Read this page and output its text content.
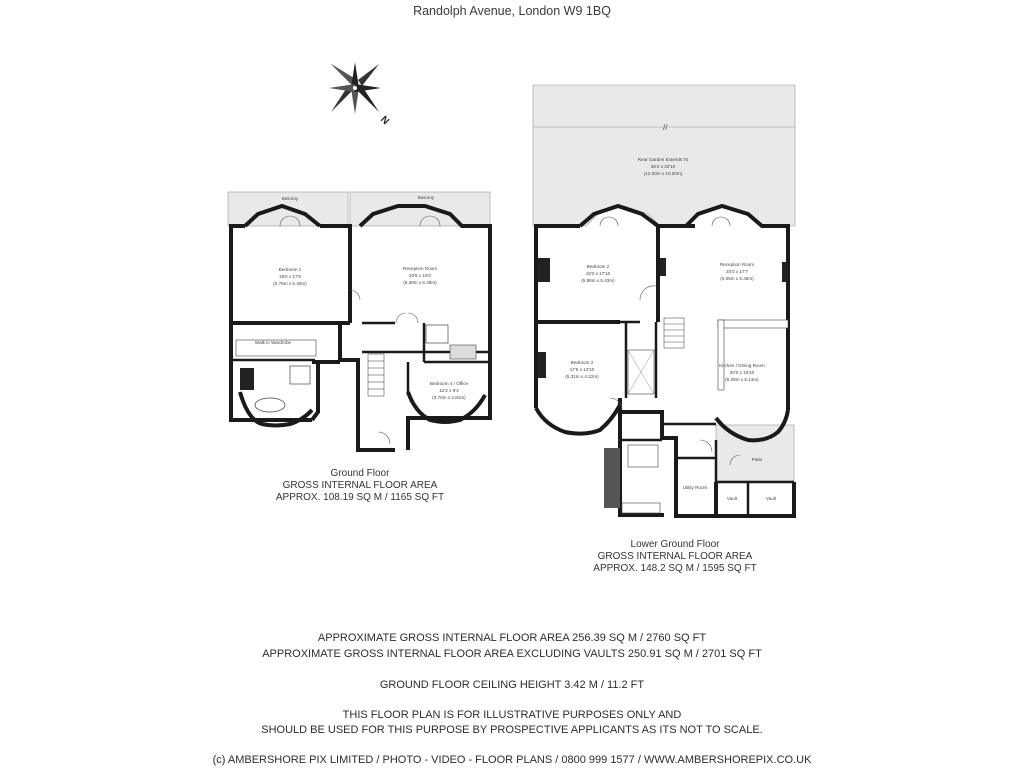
Randolph Avenue, London W9 1BQ
N
Balcony	Balcony
Bedroom 1
19'0 x 17'8
(5.79m x 5.40m)
Reception Room
20'8 x 16'0
(6.30m x 5.49m)
Walk in Wardrobe
Bedroom 4 / Office
12'2 x 9'3
(3.70m x 2.81m)
//
Rear Garden Extends To
39'4 x 32'10
(12.00m x 10.00m)
Bedroom 2
19'3 x 17'10
(5.88m x 5.43m)
Reception Room
20'0 x 17'7
(6.09m x 5.35m)
Bedroom 3
17'5 x 13'10
(5.31m x 4.22m)
Kitchen / Dining Room
20'0 x 16'10
(6.09m x 5.14m)
Patio
Utility Room
Vault	Vault
Ground Floor
GROSS INTERNAL FLOOR AREA
APPROX. 108.19 SQ M / 1165 SQ FT
Lower Ground Floor
GROSS INTERNAL FLOOR AREA
APPROX. 148.2 SQ M / 1595 SQ FT
APPROXIMATE GROSS INTERNAL FLOOR AREA 256.39 SQ M / 2760 SQ FT
APPROXIMATE GROSS INTERNAL FLOOR AREA EXCLUDING VAULTS 250.91 SQ M / 2701 SQ FT
GROUND FLOOR CEILING HEIGHT 3.42 M / 11.2 FT
THIS FLOOR PLAN IS FOR ILLUSTRATIVE PURPOSES ONLY AND
SHOULD BE USED FOR THIS PURPOSE BY PROSPECTIVE APPLICANTS AS ITS NOT TO SCALE.
(c) AMBERSHORE PIX LIMITED / PHOTO - VIDEO - FLOOR PLANS / 0800 999 1577 / WWW.AMBERSHOREPIX.CO.UK
